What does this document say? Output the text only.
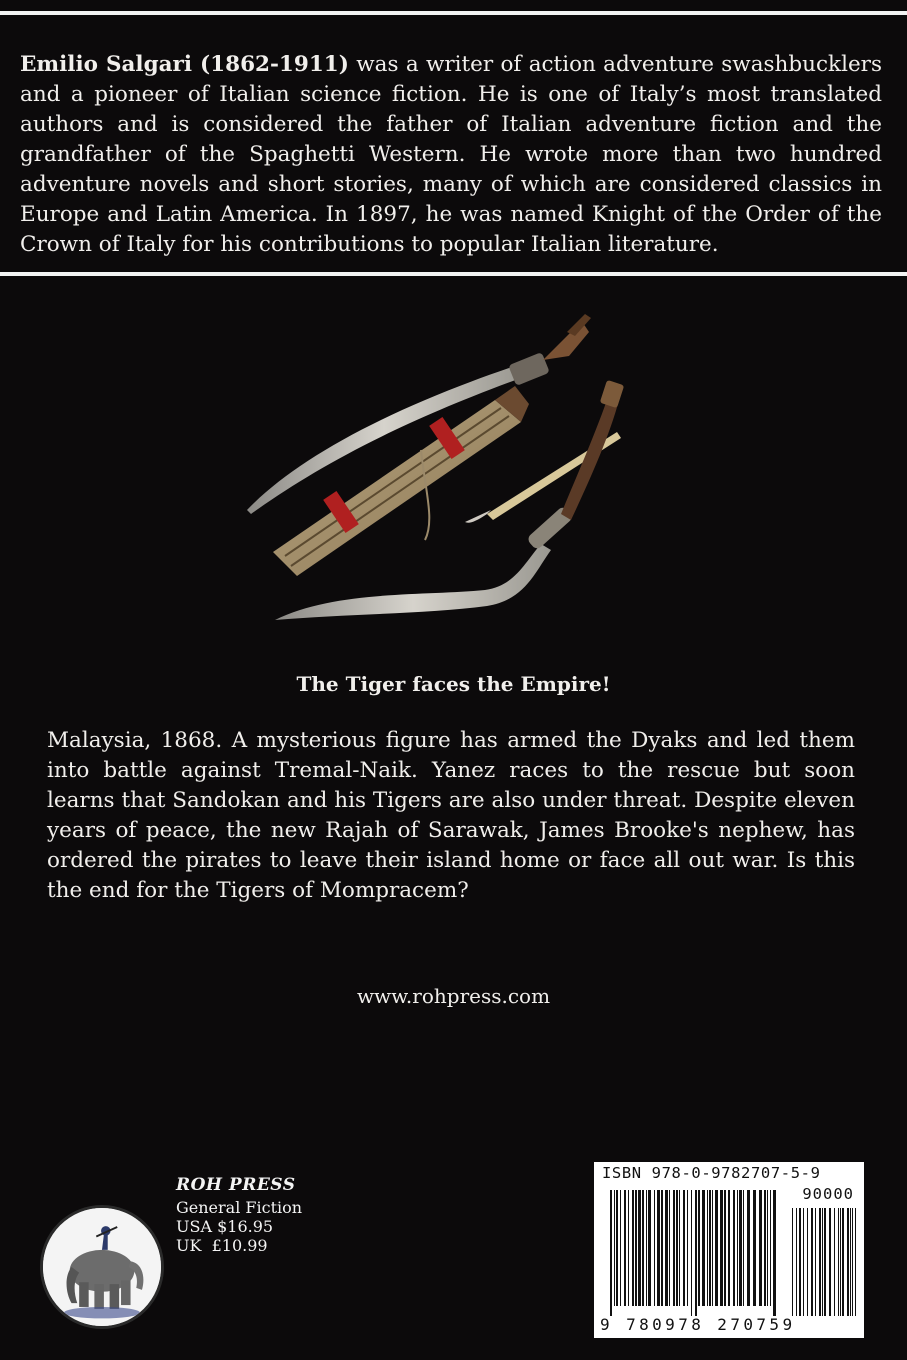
Emilio Salgari (1862-1911) was a writer of action adventure swashbucklers and a pioneer of Italian science fiction. He is one of Italy’s most translated authors and is considered the father of Italian adventure fiction and the grandfather of the Spaghetti Western. He wrote more than two hundred adventure novels and short stories, many of which are considered classics in Europe and Latin America. In 1897, he was named Knight of the Order of the Crown of Italy for his contributions to popular Italian literature.

The Tiger faces the Empire!

Malaysia, 1868. A mysterious figure has armed the Dyaks and led them into battle against Tremal-Naik. Yanez races to the rescue but soon learns that Sandokan and his Tigers are also under threat. Despite eleven years of peace, the new Rajah of Sarawak, James Brooke's nephew, has ordered the pirates to leave their island home or face all out war. Is this the end for the Tigers of Mompracem?

www.rohpress.com

ROH PRESS
General Fiction
USA $16.95
UK  £10.99
ISBN 978-0-9782707-5-9
90000
9 780978 270759
